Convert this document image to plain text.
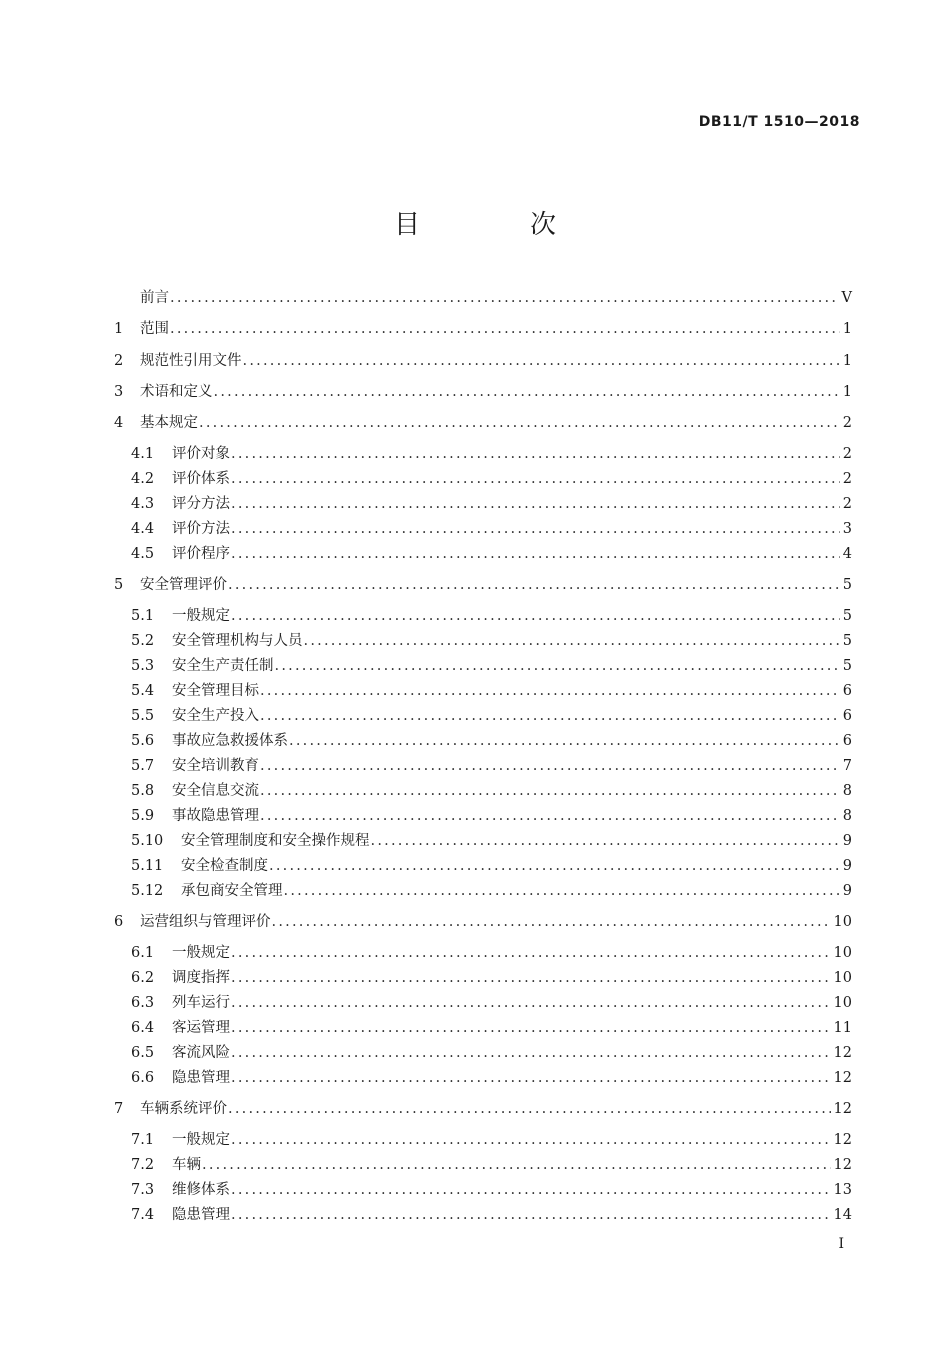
DB11/T 1510—2018
目　次
前言 . . .	V
1	范围 . . .	1
2	规范性引用文件 . . .	1
3	术语和定义 . . .	1
4	基本规定 . . .	2
4.1	评价对象 . . .	2
4.2	评价体系 . . .	2
4.3	评分方法 . . .	2
4.4	评价方法 . . .	3
4.5	评价程序 . . .	4
5	安全管理评价 . . .	5
5.1	一般规定 . . .	5
5.2	安全管理机构与人员 . . .	5
5.3	安全生产责任制 . . .	5
5.4	安全管理目标 . . .	6
5.5	安全生产投入 . . .	6
5.6	事故应急救援体系 . . .	6
5.7	安全培训教育 . . .	7
5.8	安全信息交流 . . .	8
5.9	事故隐患管理 . . .	8
5.10	安全管理制度和安全操作规程 . . .	9
5.11	安全检查制度 . . .	9
5.12	承包商安全管理 . . .	9
6	运营组织与管理评价 . . .	10
6.1	一般规定 . . .	10
6.2	调度指挥 . . .	10
6.3	列车运行 . . .	10
6.4	客运管理 . . .	11
6.5	客流风险 . . .	12
6.6	隐患管理 . . .	12
7	车辆系统评价 . . .	12
7.1	一般规定 . . .	12
7.2	车辆 . . .	12
7.3	维修体系 . . .	13
7.4	隐患管理 . . .	14
I
